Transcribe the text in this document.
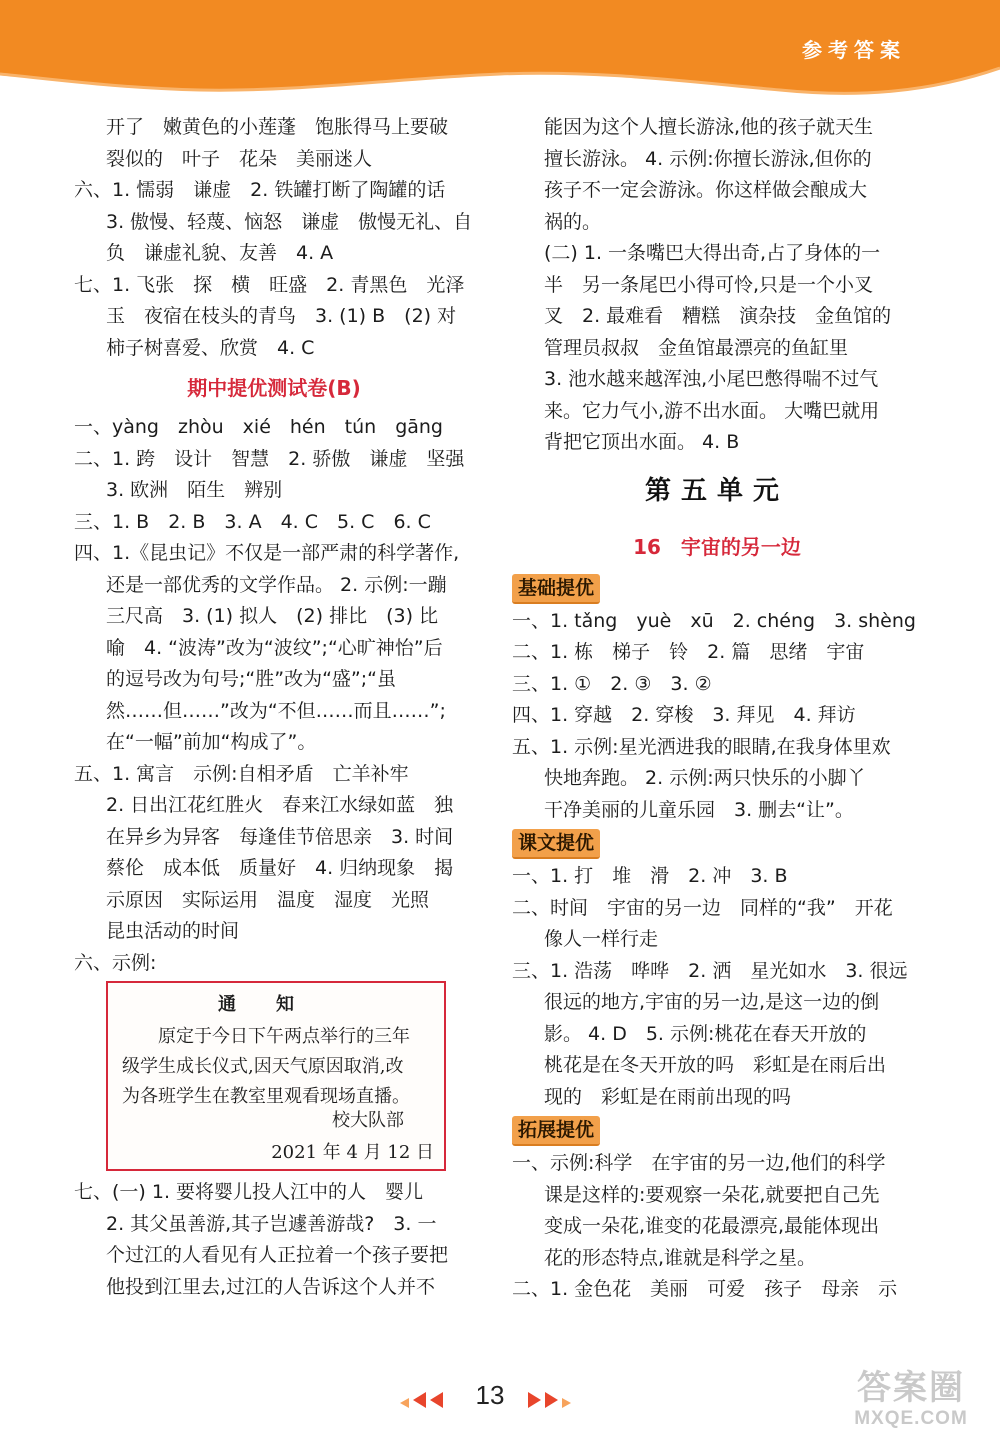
参考答案
开了　嫩黄色的小莲蓬　饱胀得马上要破
裂似的　叶子　花朵　美丽迷人
六、1. 懦弱　谦虚　2. 铁罐打断了陶罐的话
3. 傲慢、轻蔑、恼怒　谦虚　傲慢无礼、自
负　谦虚礼貌、友善　4. A
七、1. 飞张　探　横　旺盛　2. 青黑色　光泽
玉　夜宿在枝头的青鸟　3. (1) B　(2) 对
柿子树喜爱、欣赏　4. C
期中提优测试卷(B)
一、yàng　zhòu　xié　hén　tún　gāng
二、1. 跨　设计　智慧　2. 骄傲　谦虚　坚强
3. 欧洲　陌生　辨别
三、1. B　2. B　3. A　4. C　5. C　6. C
四、1.《昆虫记》不仅是一部严肃的科学著作,
还是一部优秀的文学作品。 2. 示例:一蹦
三尺高　3. (1) 拟人　(2) 排比　(3) 比
喻　4. “波涛”改为“波纹”;“心旷神怡”后
的逗号改为句号;“胜”改为“盛”;“虽
然……但……”改为“不但……而且……”;
在“一幅”前加“构成了”。
五、1. 寓言　示例:自相矛盾　亡羊补牢
2. 日出江花红胜火　春来江水绿如蓝　独
在异乡为异客　每逢佳节倍思亲　3. 时间
蔡伦　成本低　质量好　4. 归纳现象　揭
示原因　实际运用　温度　湿度　光照
昆虫活动的时间
六、示例:
通知
　　原定于今日下午两点举行的三年
级学生成长仪式,因天气原因取消,改
为各班学生在教室里观看现场直播。
校大队部
2021 年 4 月 12 日
七、(一) 1. 要将婴儿投人江中的人　婴儿
2. 其父虽善游,其子岂遽善游哉?　3. 一
个过江的人看见有人正拉着一个孩子要把
他投到江里去,过江的人告诉这个人并不
能因为这个人擅长游泳,他的孩子就天生
擅长游泳。 4. 示例:你擅长游泳,但你的
孩子不一定会游泳。你这样做会酿成大
祸的。
(二) 1. 一条嘴巴大得出奇,占了身体的一
半　另一条尾巴小得可怜,只是一个小叉
叉　2. 最难看　糟糕　演杂技　金鱼馆的
管理员叔叔　金鱼馆最漂亮的鱼缸里
3. 池水越来越浑浊,小尾巴憋得喘不过气
来。它力气小,游不出水面。 大嘴巴就用
背把它顶出水面。 4. B
第五单元
16　宇宙的另一边
基础提优
一、1. tǎng　yuè　xū　2. chéng　3. shèng
二、1. 栋　梯子　铃　2. 篇　思绪　宇宙
三、1. ①　2. ③　3. ②
四、1. 穿越　2. 穿梭　3. 拜见　4. 拜访
五、1. 示例:星光洒进我的眼睛,在我身体里欢
快地奔跑。 2. 示例:两只快乐的小脚丫
干净美丽的儿童乐园　3. 删去“让”。
课文提优
一、1. 打　堆　滑　2. 冲　3. B
二、时间　宇宙的另一边　同样的“我”　开花
像人一样行走
三、1. 浩荡　哗哗　2. 洒　星光如水　3. 很远
很远的地方,宇宙的另一边,是这一边的倒
影。 4. D　5. 示例:桃花在春天开放的
桃花是在冬天开放的吗　彩虹是在雨后出
现的　彩虹是在雨前出现的吗
拓展提优
一、示例:科学　在宇宙的另一边,他们的科学
课是这样的:要观察一朵花,就要把自己先
变成一朵花,谁变的花最漂亮,最能体现出
花的形态特点,谁就是科学之星。
二、1. 金色花　美丽　可爱　孩子　母亲　示
13	答案圈
MXQE.COM
